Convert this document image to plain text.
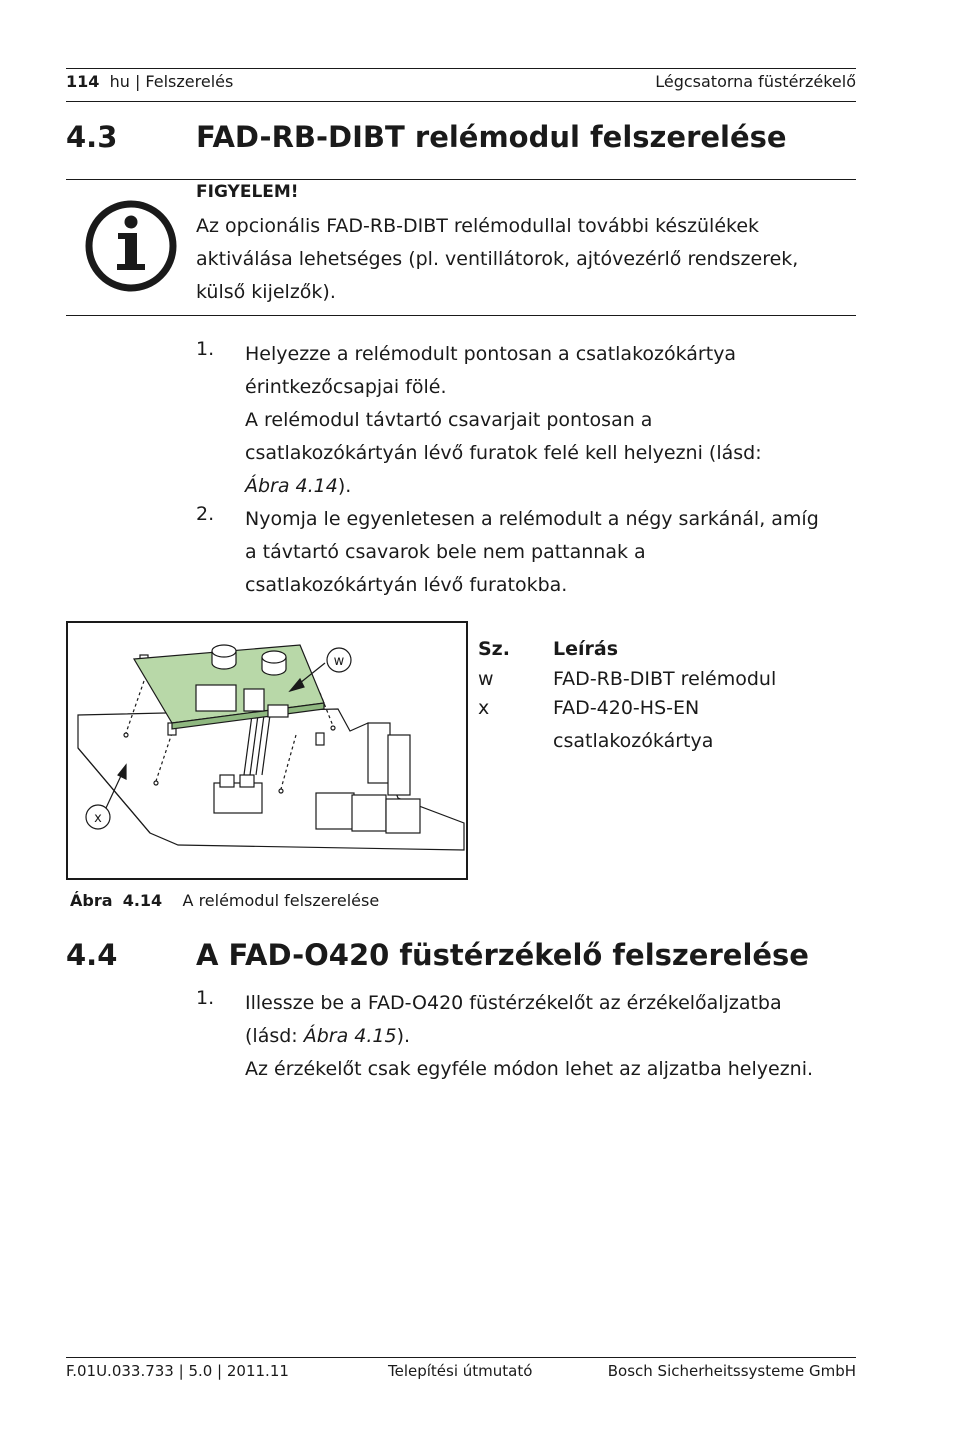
114 hu | Felszerelés	Légcsatorna füstérzékelő
4.3	FAD-RB-DIBT relémodul felszerelése
FIGYELEM!
Az opcionális FAD-RB-DIBT relémodullal további készülékek
aktiválása lehetséges (pl. ventillátorok, ajtóvezérlő rendszerek,
külső kijelzők).
1. Helyezze a relémodult pontosan a csatlakozókártya
érintkezőcsapjai fölé.
A relémodul távtartó csavarjait pontosan a
csatlakozókártyán lévő furatok felé kell helyezni (lásd:
Ábra 4.14).
2. Nyomja le egyenletesen a relémodult a négy sarkánál, amíg
a távtartó csavarok bele nem pattannak a
csatlakozókártyán lévő furatokba.
w
x
Sz. Leírás
w	FAD-RB-DIBT relémodul
x	FAD-420-HS-EN
csatlakozókártya
Ábra 4.14 A relémodul felszerelése
4.4	A FAD-O420 füstérzékelő felszerelése
1. Illessze be a FAD-O420 füstérzékelőt az érzékelőaljzatba
(lásd: Ábra 4.15).
Az érzékelőt csak egyféle módon lehet az aljzatba helyezni.
F.01U.033.733 | 5.0 | 2011.11	Telepítési útmutató	Bosch Sicherheitssysteme GmbH
